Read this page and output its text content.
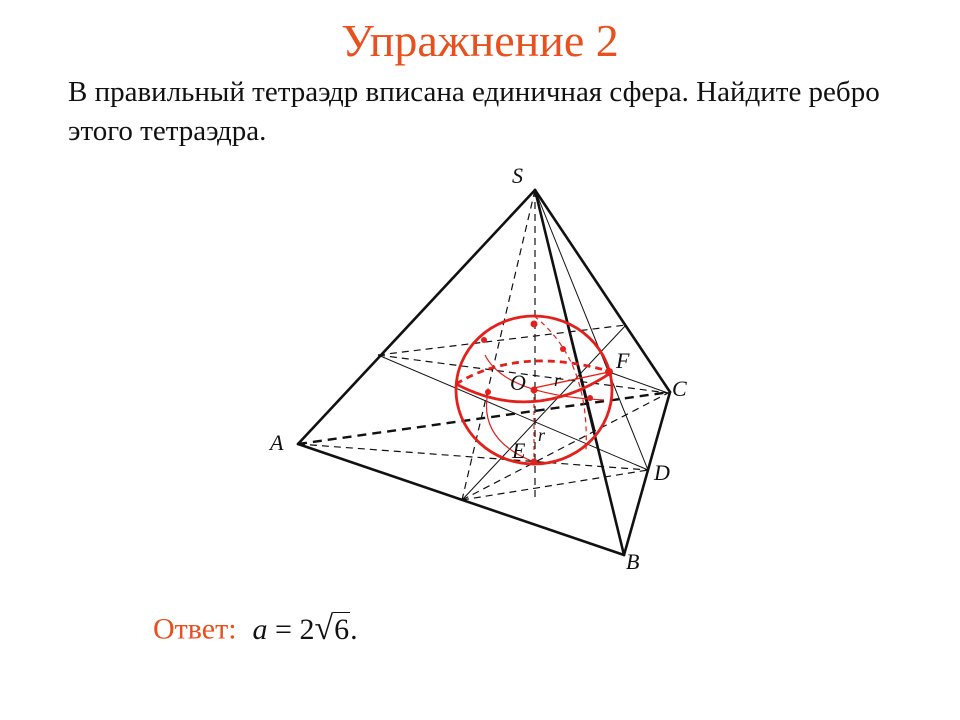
Упражнение 2
В правильный тетраэдр вписана единичная сфера. Найдите ребро этого тетраэдра.
S
A
B
C
D
O
E
F
r
r
Ответ: a = 2√6.
